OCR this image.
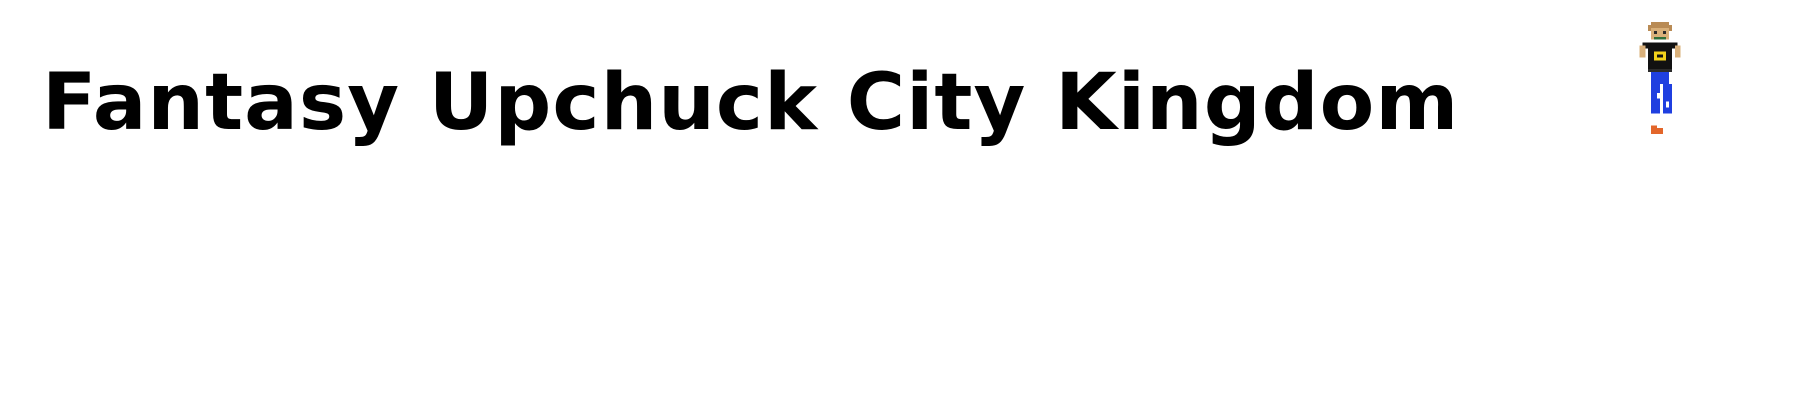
Fantasy Upchuck City Kingdom
